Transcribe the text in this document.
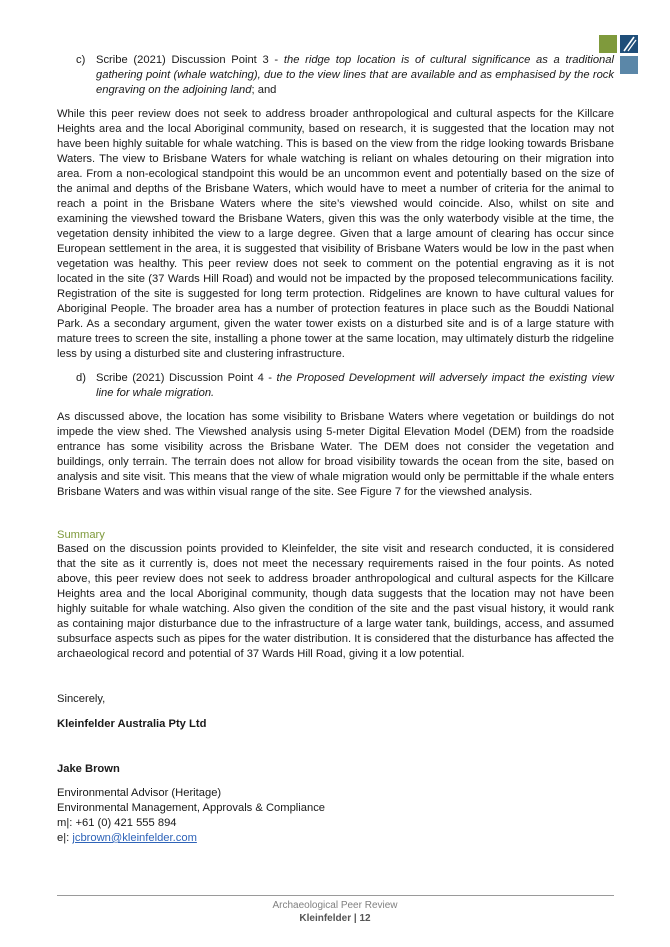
c) Scribe (2021) Discussion Point 3 - the ridge top location is of cultural significance as a traditional gathering point (whale watching), due to the view lines that are available and as emphasised by the rock engraving on the adjoining land; and

While this peer review does not seek to address broader anthropological and cultural aspects for the Killcare Heights area and the local Aboriginal community, based on research, it is suggested that the location may not have been highly suitable for whale watching. This is based on the view from the ridge looking towards Brisbane Waters. The view to Brisbane Waters for whale watching is reliant on whales detouring on their migration into area. From a non-ecological standpoint this would be an uncommon event and potentially based on the size of the animal and depths of the Brisbane Waters, which would have to meet a number of criteria for the animal to reach a point in the Brisbane Waters where the site’s viewshed would coincide. Also, whilst on site and examining the viewshed toward the Brisbane Waters, given this was the only waterbody visible at the time, the vegetation density inhibited the view to a large degree. Given that a large amount of clearing has occur since European settlement in the area, it is suggested that visibility of Brisbane Waters would be low in the past when vegetation was healthy. This peer review does not seek to comment on the potential engraving as it is not located in the site (37 Wards Hill Road) and would not be impacted by the proposed telecommunications facility. Registration of the site is suggested for long term protection. Ridgelines are known to have cultural values for Aboriginal People. The broader area has a number of protection features in place such as the Bouddi National Park. As a secondary argument, given the water tower exists on a disturbed site and is of a large stature with mature trees to screen the site, installing a phone tower at the same location, may ultimately disturb the ridgeline less by using a disturbed site and clustering infrastructure.

d) Scribe (2021) Discussion Point 4 - the Proposed Development will adversely impact the existing view line for whale migration.

As discussed above, the location has some visibility to Brisbane Waters where vegetation or buildings do not impede the view shed. The Viewshed analysis using 5-meter Digital Elevation Model (DEM) from the roadside entrance has some visibility across the Brisbane Water. The DEM does not consider the vegetation and buildings, only terrain. The terrain does not allow for broad visibility towards the ocean from the site, based on analysis and site visit. This means that the view of whale migration would only be permittable if the whale enters Brisbane Waters and was within visual range of the site. See Figure 7 for the viewshed analysis.

Summary

Based on the discussion points provided to Kleinfelder, the site visit and research conducted, it is considered that the site as it currently is, does not meet the necessary requirements raised in the four points. As noted above, this peer review does not seek to address broader anthropological and cultural aspects for the Killcare Heights area and the local Aboriginal community, though data suggests that the location may not have been highly suitable for whale watching. Also given the condition of the site and the past visual history, it would rank as containing major disturbance due to the infrastructure of a large water tank, buildings, access, and assumed subsurface aspects such as pipes for the water distribution. It is considered that the disturbance has affected the archaeological record and potential of 37 Wards Hill Road, giving it a low potential.

Sincerely,
Kleinfelder Australia Pty Ltd
Jake Brown
Environmental Advisor (Heritage)
Environmental Management, Approvals & Compliance
m|: +61 (0) 421 555 894
e|: jcbrown@kleinfelder.com
Archaeological Peer Review
Kleinfelder | 12
